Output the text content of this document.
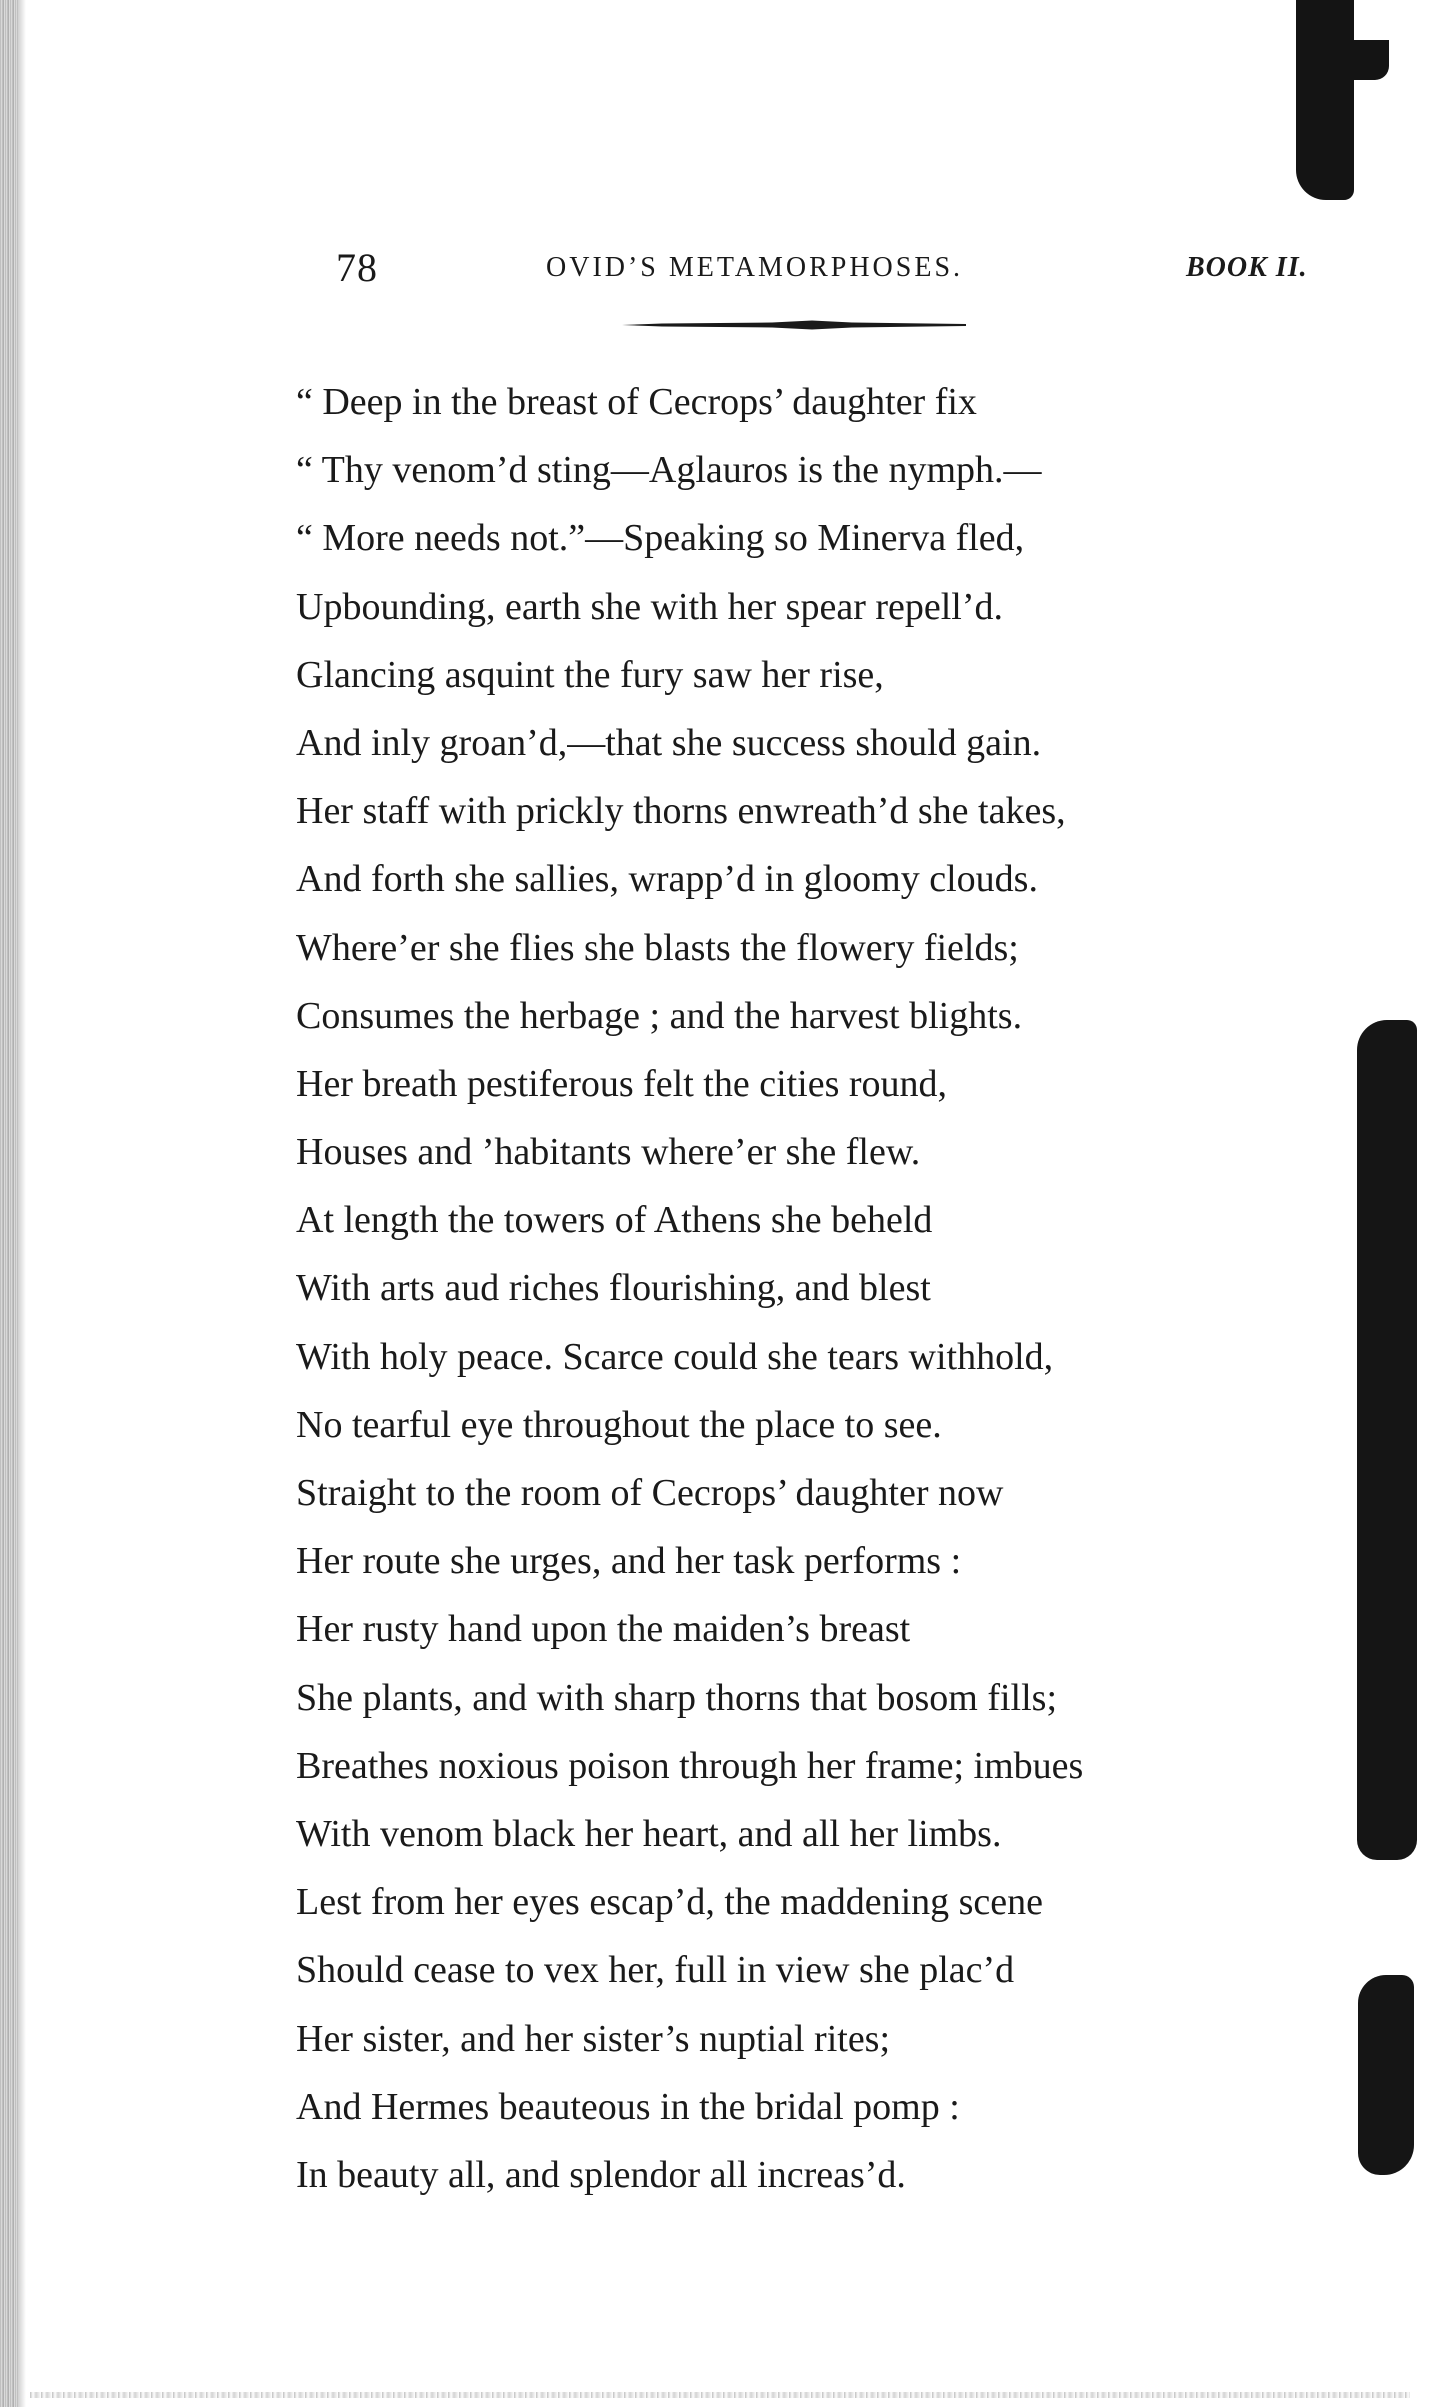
78	OVID’S METAMORPHOSES.	BOOK II.
“ Deep in the breast of Cecrops’ daughter fix
“ Thy venom’d sting—Aglauros is the nymph.—
“ More needs not.”—Speaking so Minerva fled,
Upbounding, earth she with her spear repell’d.
Glancing asquint the fury saw her rise,
And inly groan’d,—that she success should gain.
Her staff with prickly thorns enwreath’d she takes,
And forth she sallies, wrapp’d in gloomy clouds.
Where’er she flies she blasts the flowery fields;
Consumes the herbage ; and the harvest blights.
Her breath pestiferous felt the cities round,
Houses and ’habitants where’er she flew.
At length the towers of Athens she beheld
With arts aud riches flourishing, and blest
With holy peace. Scarce could she tears withhold,
No tearful eye throughout the place to see.
Straight to the room of Cecrops’ daughter now
Her route she urges, and her task performs :
Her rusty hand upon the maiden’s breast
She plants, and with sharp thorns that bosom fills;
Breathes noxious poison through her frame; imbues
With venom black her heart, and all her limbs.
Lest from her eyes escap’d, the maddening scene
Should cease to vex her, full in view she plac’d
Her sister, and her sister’s nuptial rites;
And Hermes beauteous in the bridal pomp :
In beauty all, and splendor all increas’d.
